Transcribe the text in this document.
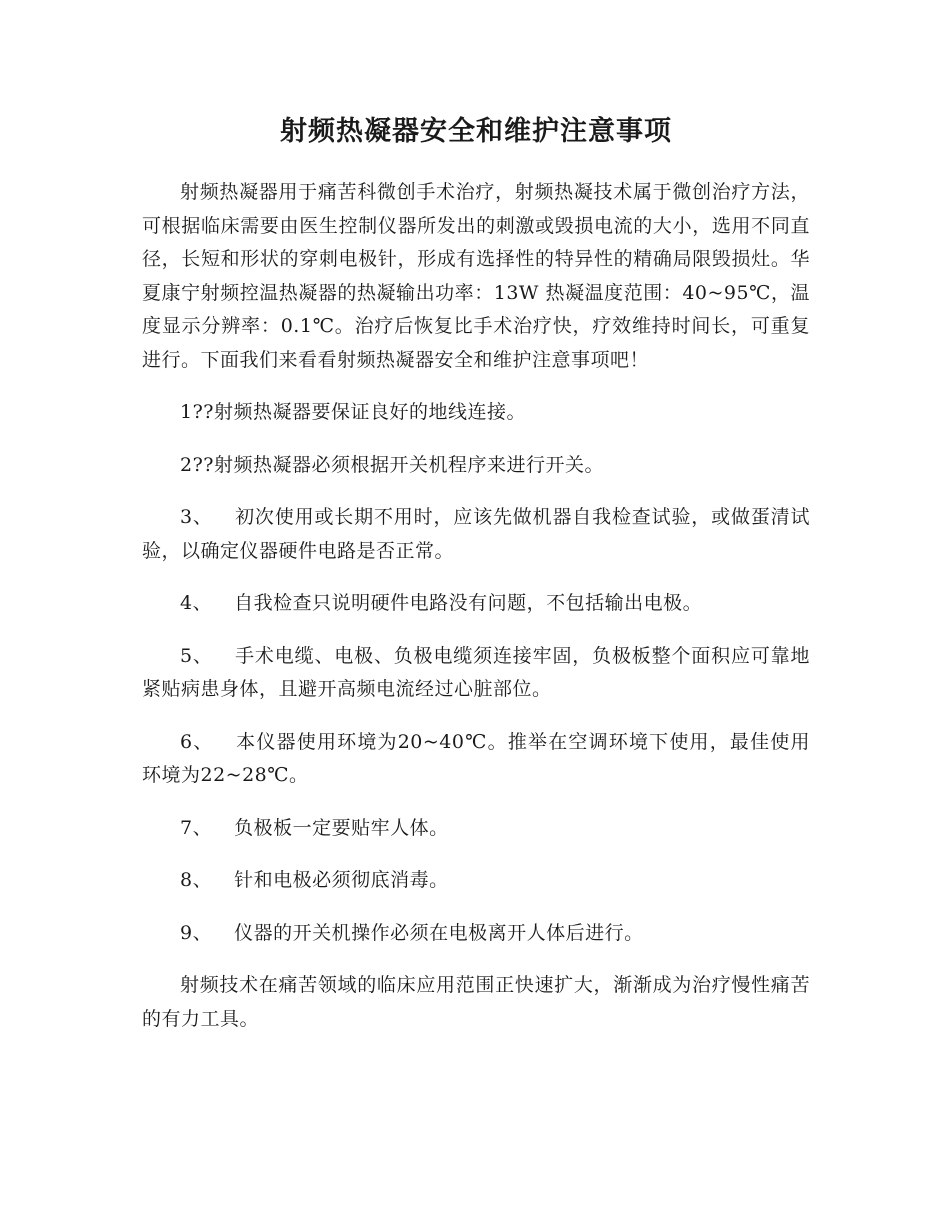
射频热凝器安全和维护注意事项

射频热凝器用于痛苦科微创手术治疗，射频热凝技术属于微创治疗方法，可根据临床需要由医生控制仪器所发出的刺激或毁损电流的大小，选用不同直径，长短和形状的穿刺电极针，形成有选择性的特异性的精确局限毁损灶。华夏康宁射频控温热凝器的热凝输出功率：13W 热凝温度范围：40~95℃，温度显示分辨率：0.1℃。治疗后恢复比手术治疗快，疗效维持时间长，可重复进行。下面我们来看看射频热凝器安全和维护注意事项吧！

1??射频热凝器要保证良好的地线连接。

2??射频热凝器必须根据开关机程序来进行开关。

3、 初次使用或长期不用时，应该先做机器自我检查试验，或做蛋清试验，以确定仪器硬件电路是否正常。

4、 自我检查只说明硬件电路没有问题，不包括输出电极。

5、 手术电缆、电极、负极电缆须连接牢固，负极板整个面积应可靠地紧贴病患身体，且避开高频电流经过心脏部位。

6、 本仪器使用环境为20~40℃。推举在空调环境下使用，最佳使用环境为22~28℃。

7、 负极板一定要贴牢人体。

8、 针和电极必须彻底消毒。

9、 仪器的开关机操作必须在电极离开人体后进行。

射频技术在痛苦领域的临床应用范围正快速扩大，渐渐成为治疗慢性痛苦的有力工具。
